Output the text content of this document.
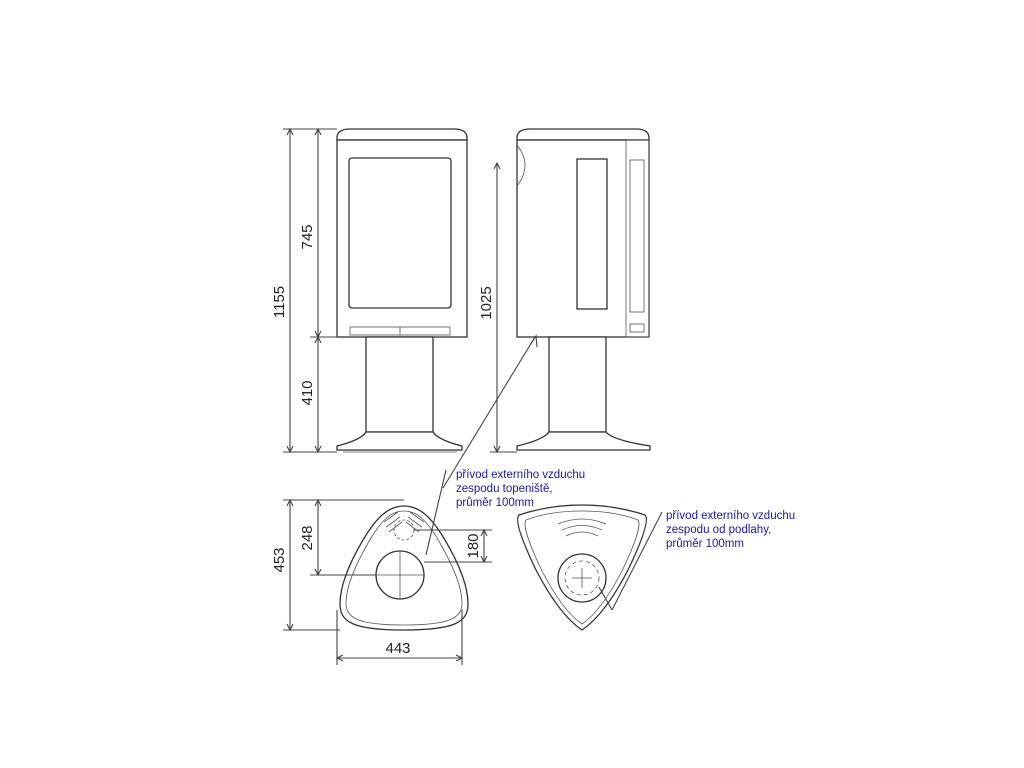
1155
745
410
1025
453
248	180
443
přívod externího vzduchu
zespodu topeniště,
průměr 100mm
přívod externího vzduchu
zespodu od podlahy,
průměr 100mm
